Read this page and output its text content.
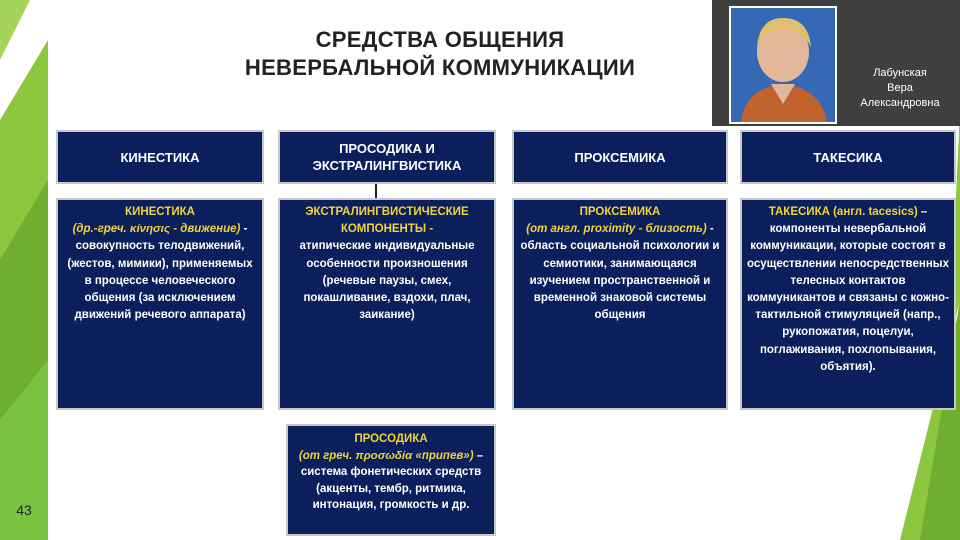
43
СРЕДСТВА ОБЩЕНИЯ
НЕВЕРБАЛЬНОЙ КОММУНИКАЦИИ	Лабунская
Вера
Александровна
КИНЕСТИКА
ПРОСОДИКА И
ЭКСТРАЛИНГВИСТИКА
ПРОКСЕМИКА	ТАКЕСИКА
КИНЕСТИКА
(др.-греч. κίνησις - движение) - совокупность телодвижений, (жестов, мимики), применяемых в процессе человеческого общения (за исключением движений речевого аппарата)
ЭКСТРАЛИНГВИСТИЧЕСКИЕ КОМПОНЕНТЫ -
атипические индивидуальные особенности произношения (речевые паузы, смех, покашливание, вздохи, плач, заикание)
ПРОКСЕМИКА
(от англ. proximity - близость) - область социальной психологии и семиотики, занимающаяся изучением пространственной и временной знаковой системы общения
ТАКЕСИКА (англ. tacesics) – компоненты невербальной коммуникации, которые состоят в осуществлении непосредственных телесных контактов коммуникантов и связаны с кожно-тактильной стимуляцией (напр., рукопожатия, поцелуи, поглаживания, похлопывания, объятия).
ПРОСОДИКА
(от греч. προσωδία «припев») – система фонетических средств (акценты, тембр, ритмика, интонация, громкость и др.
